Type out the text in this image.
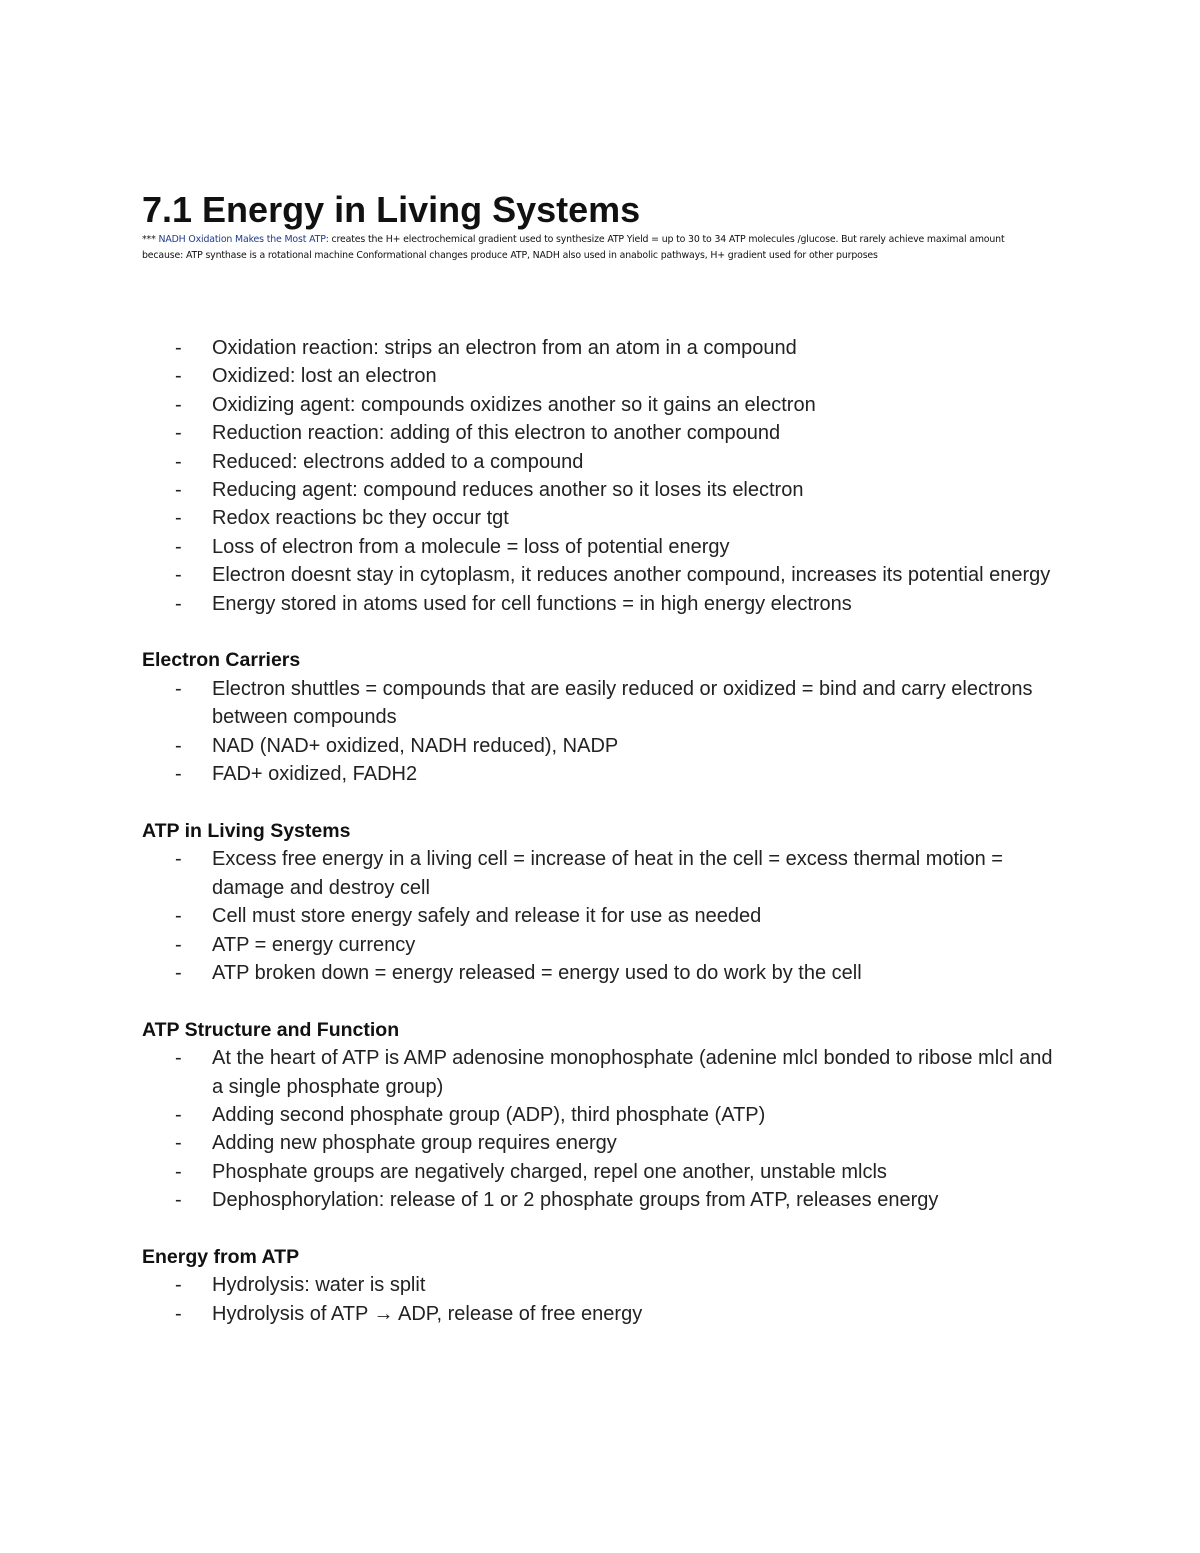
7.1 Energy in Living Systems

*** NADH Oxidation Makes the Most ATP: creates the H+ electrochemical gradient used to synthesize ATP Yield = up to 30 to 34 ATP molecules /glucose. But rarely achieve maximal amount because: ATP synthase is a rotational machine Conformational changes produce ATP, NADH also used in anabolic pathways, H+ gradient used for other purposes

- Oxidation reaction: strips an electron from an atom in a compound
- Oxidized: lost an electron
- Oxidizing agent: compounds oxidizes another so it gains an electron
- Reduction reaction: adding of this electron to another compound
- Reduced: electrons added to a compound
- Reducing agent: compound reduces another so it loses its electron
- Redox reactions bc they occur tgt
- Loss of electron from a molecule = loss of potential energy
- Electron doesnt stay in cytoplasm, it reduces another compound, increases its potential energy
- Energy stored in atoms used for cell functions = in high energy electrons
Electron Carriers
- Electron shuttles = compounds that are easily reduced or oxidized = bind and carry electrons between compounds
- NAD (NAD+ oxidized, NADH reduced), NADP
- FAD+ oxidized, FADH2
ATP in Living Systems
- Excess free energy in a living cell = increase of heat in the cell = excess thermal motion = damage and destroy cell
- Cell must store energy safely and release it for use as needed
- ATP = energy currency
- ATP broken down = energy released = energy used to do work by the cell
ATP Structure and Function
- At the heart of ATP is AMP adenosine monophosphate (adenine mlcl bonded to ribose mlcl and a single phosphate group)
- Adding second phosphate group (ADP), third phosphate (ATP)
- Adding new phosphate group requires energy
- Phosphate groups are negatively charged, repel one another, unstable mlcls
- Dephosphorylation: release of 1 or 2 phosphate groups from ATP, releases energy
Energy from ATP
- Hydrolysis: water is split
- Hydrolysis of ATP → ADP, release of free energy
